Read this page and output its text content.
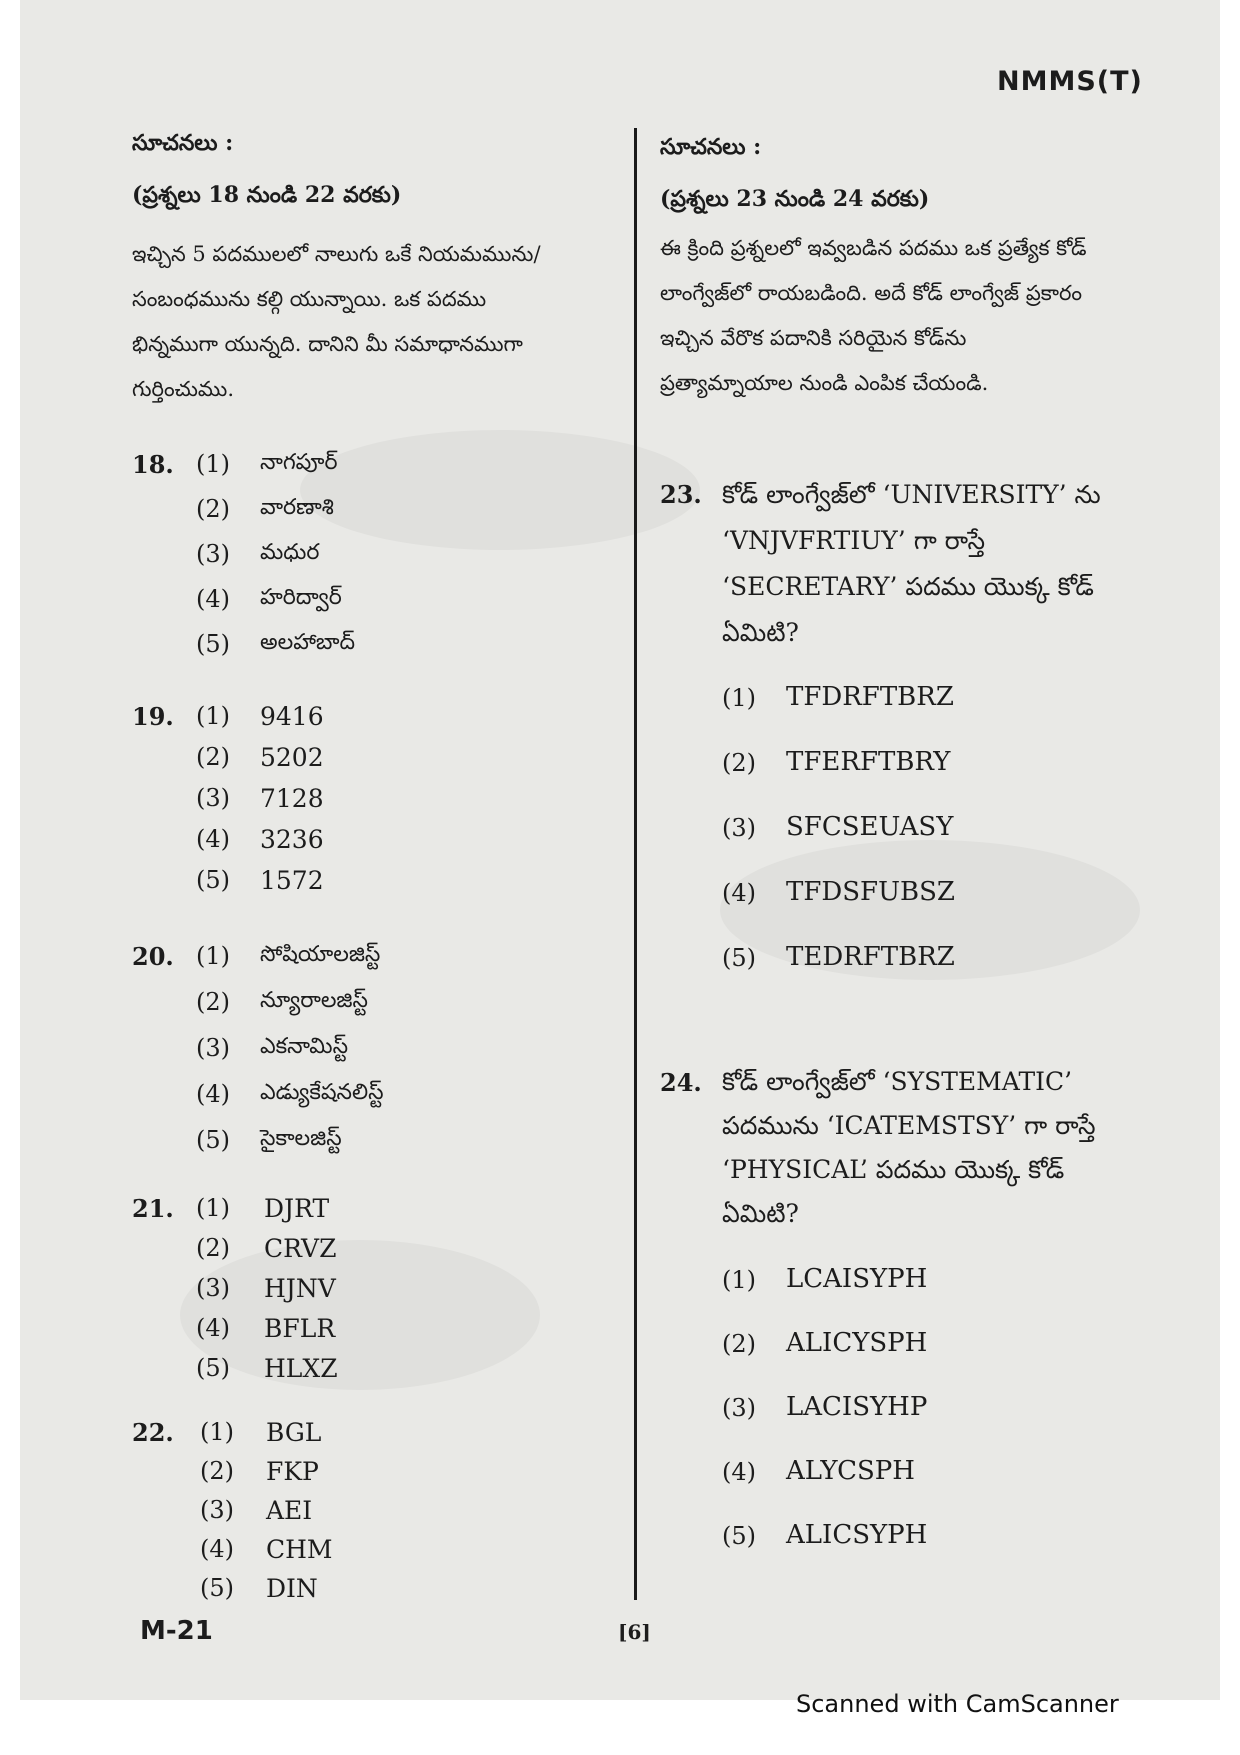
NMMS(T)
సూచనలు :
(ప్రశ్నలు 18 నుండి 22 వరకు)
ఇచ్చిన 5 పదములలో నాలుగు ఒకే నియమమును/
సంబంధమును కల్గి యున్నాయి. ఒక పదము
భిన్నముగా యున్నది. దానిని మీ సమాధానముగా
గుర్తించుము.
18. (1) నాగపూర్
(2) వారణాశి
(3) మధుర
(4) హరిద్వార్
(5) అలహాబాద్
19. (1) 9416
(2) 5202
(3) 7128
(4) 3236
(5) 1572
20. (1) సోషియాలజిస్ట్
(2) న్యూరాలజిస్ట్
(3) ఎకనామిస్ట్
(4) ఎడ్యుకేషనలిస్ట్
(5) సైకాలజిస్ట్
21. (1) DJRT
(2) CRVZ
(3) HJNV
(4) BFLR
(5) HLXZ
22. (1) BGL
(2) FKP
(3) AEI
(4) CHM
(5) DIN
సూచనలు :
(ప్రశ్నలు 23 నుండి 24 వరకు)
ఈ క్రింది ప్రశ్నలలో ఇవ్వబడిన పదము ఒక ప్రత్యేక కోడ్
లాంగ్వేజ్‌లో రాయబడింది. అదే కోడ్ లాంగ్వేజ్ ప్రకారం
ఇచ్చిన వేరొక పదానికి సరియైన కోడ్‌ను
ప్రత్యామ్నాయాల నుండి ఎంపిక చేయండి.
23. కోడ్ లాంగ్వేజ్‌లో ‘UNIVERSITY’ ను
‘VNJVFRTIUY’ గా రాస్తే
‘SECRETARY’ పదము యొక్క కోడ్
ఏమిటి?
(1) TFDRFTBRZ
(2) TFERFTBRY
(3) SFCSEUASY
(4) TFDSFUBSZ
(5) TEDRFTBRZ
24. కోడ్ లాంగ్వేజ్‌లో ‘SYSTEMATIC’
పదమును ‘ICATEMSTSY’ గా రాస్తే
‘PHYSICAL’ పదము యొక్క కోడ్
ఏమిటి?
(1) LCAISYPH
(2) ALICYSPH
(3) LACISYHP
(4) ALYCSPH
(5) ALICSYPH
M-21	[6]
Scanned with CamScanner
